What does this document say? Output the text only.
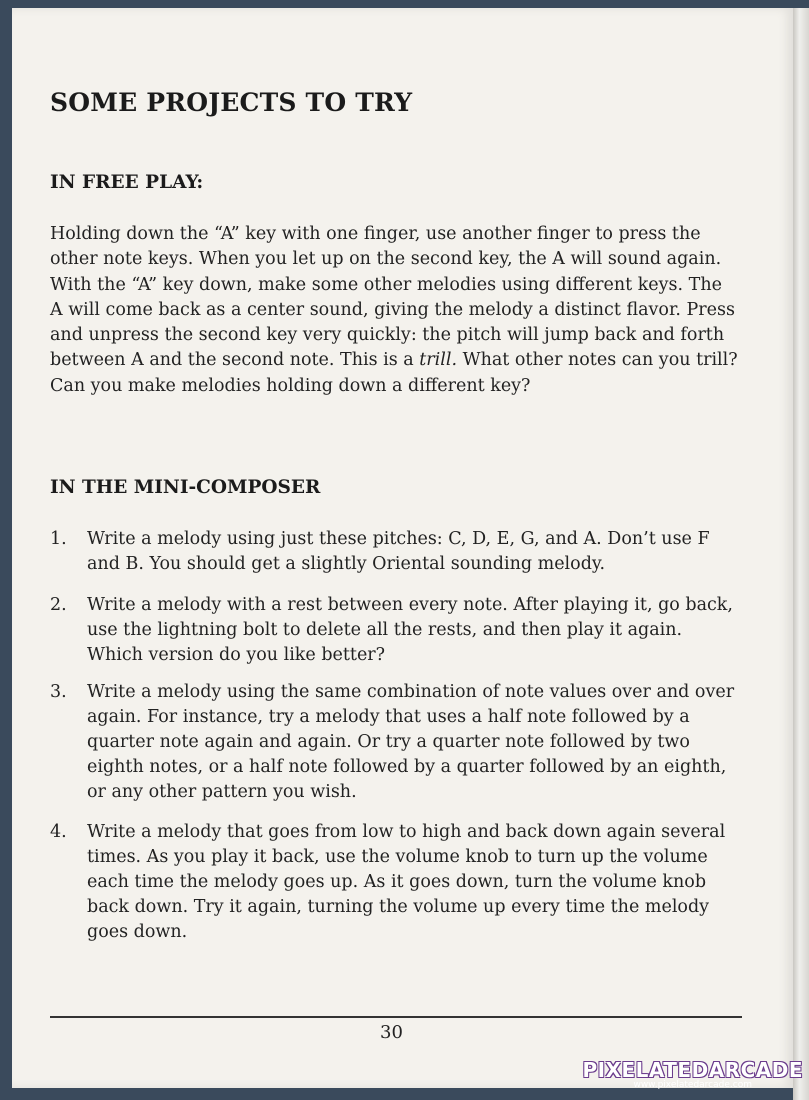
SOME PROJECTS TO TRY
IN FREE PLAY:

Holding down the “A” key with one finger, use another finger to press the other note keys. When you let up on the second key, the A will sound again. With the “A” key down, make some other melodies using different keys. The A will come back as a center sound, giving the melody a distinct flavor. Press and unpress the second key very quickly: the pitch will jump back and forth between A and the second note. This is a trill. What other notes can you trill? Can you make melodies holding down a different key?

IN THE MINI-COMPOSER
1. Write a melody using just these pitches: C, D, E, G, and A. Don’t use F and B. You should get a slightly Oriental sounding melody.

2. Write a melody with a rest between every note. After playing it, go back, use the lightning bolt to delete all the rests, and then play it again. Which version do you like better?

3. Write a melody using the same combination of note values over and over again. For instance, try a melody that uses a half note followed by a quarter note again and again. Or try a quarter note followed by two eighth notes, or a half note followed by a quarter followed by an eighth, or any other pattern you wish.

4. Write a melody that goes from low to high and back down again several times. As you play it back, use the volume knob to turn up the volume each time the melody goes up. As it goes down, turn the volume knob back down. Try it again, turning the volume up every time the melody goes down.

30
PIXELATEDARCADE
www.pixelatedarcade.com
